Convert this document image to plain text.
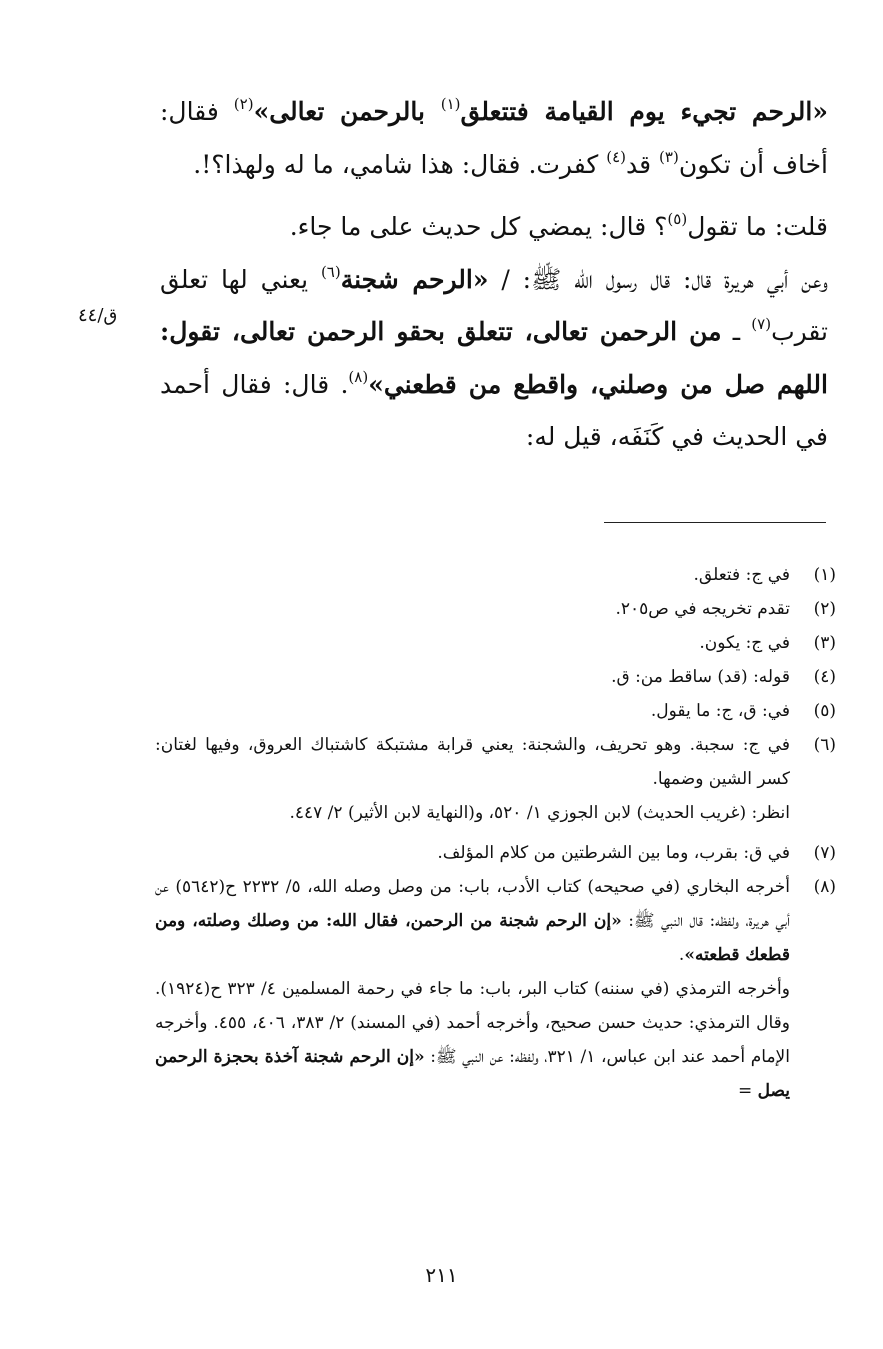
«الرحم تجيء يوم القيامة فتتعلق$^{(١)}$ بالرحمن تعالى»$^{(٢)}$ فقال: أخاف أن تكون$^{(٣)}$ قد$^{(٤)}$ كفرت. فقال: هذا شامي، ما له ولهذا؟!.

قلت: ما تقول$^{(٥)}$؟ قال: يمضي كل حديث على ما جاء.

وعن أبي هريرة قال: قال رسول الله ﷺ: / «الرحم شجنة$^{(٦)}$ يعني لها تعلق تقرب$^{(٧)}$ ـ من الرحمن تعالى، تتعلق بحقو الرحمن تعالى، تقول: اللهم صل من وصلني، واقطع من قطعني»$^{(٨)}$. قال: فقال أحمد في الحديث في كَنَفَه، قيل له:

ق/٤٤
(١)
في ج: فتعلق.
(٢)
تقدم تخريجه في ص٢٠٥.
(٣)
في ج: يكون.
(٤)
قوله: (قد) ساقط من: ق.
(٥)
في: ق، ج: ما يقول.
(٦)
في ج: سجبة. وهو تحريف، والشجنة: يعني قرابة مشتبكة كاشتباك العروق، وفيها لغتان: كسر الشين وضمها.
انظر: (غريب الحديث) لابن الجوزي ١/ ٥٢٠، و(النهاية لابن الأثير) ٢/ ٤٤٧.
(٧)
في ق: بقرب، وما بين الشرطتين من كلام المؤلف.
(٨)
أخرجه البخاري (في صحيحه) كتاب الأدب، باب: من وصل وصله الله، ٥/ ٢٢٣٢ ح(٥٦٤٢) عن أبي هريرة، ولفظه: قال النبي ﷺ: «إن الرحم شجنة من الرحمن، فقال الله: من وصلك وصلته، ومن قطعك قطعته».
وأخرجه الترمذي (في سننه) كتاب البر، باب: ما جاء في رحمة المسلمين ٤/ ٣٢٣ ح(١٩٢٤). وقال الترمذي: حديث حسن صحيح، وأخرجه أحمد (في المسند) ٢/ ٣٨٣، ٤٠٦، ٤٥٥. وأخرجه الإمام أحمد عند ابن عباس، ١/ ٣٢١، ولفظه: عن النبي ﷺ: «إن الرحم شجنة آخذة بحجزة الرحمن يصل =
٢١١
